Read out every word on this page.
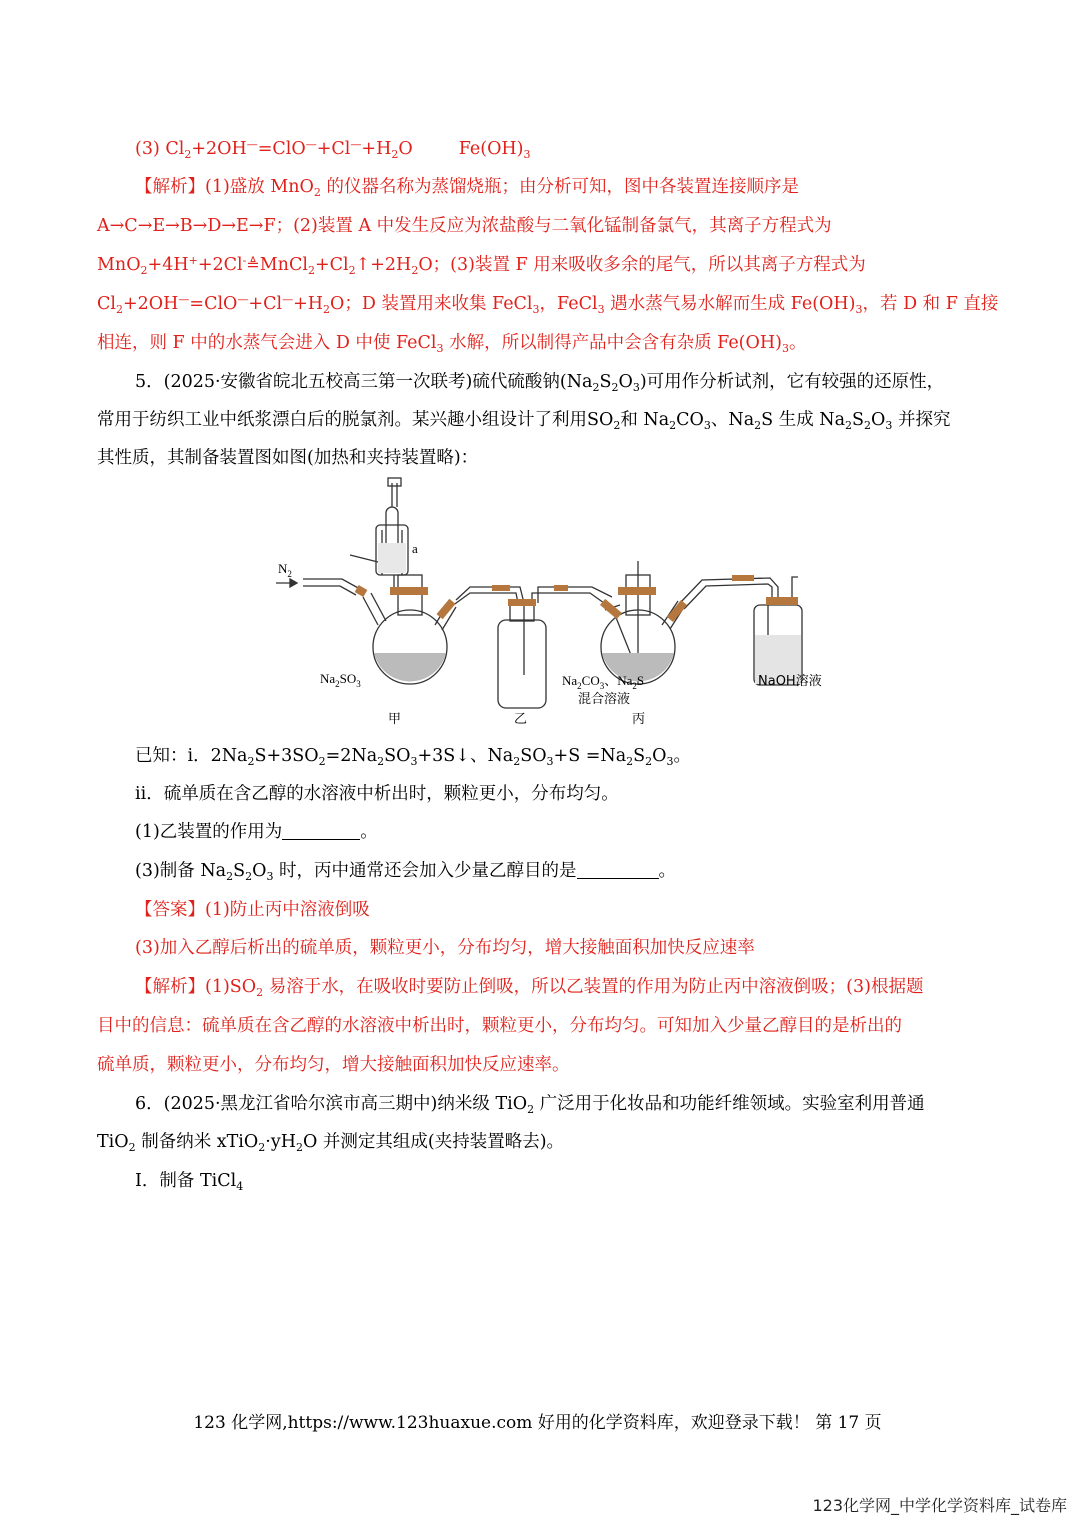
(3) $Cl_2+2OH^—=ClO^—+Cl^—+H_2O$	$Fe(OH)_3$
【解析】(1)盛放 MnO$_2$ 的仪器名称为蒸馏烧瓶；由分析可知，图中各装置连接顺序是
A→C→E→B→D→E→F；(2)装置 A 中发生反应为浓盐酸与二氧化锰制备氯气，其离子方程式为
$MnO_2+4H^++2Cl^-≜MnCl_2+Cl_2↑+2H_2O$；(3)装置 F 用来吸收多余的尾气，所以其离子方程式为
$Cl_2+2OH^—=ClO^—+Cl^—+H_2O$；D 装置用来收集 FeCl$_3$，FeCl$_3$ 遇水蒸气易水解而生成 $Fe(OH)_3$，若 D 和 F 直接
相连，则 F 中的水蒸气会进入 D 中使 FeCl$_3$ 水解，所以制得产品中会含有杂质 $Fe(OH)_3$。
5．(2025·安徽省皖北五校高三第一次联考)硫代硫酸钠$(Na_2S_2O_3)$可用作分析试剂，它有较强的还原性，
常用于纺织工业中纸浆漂白后的脱氯剂。某兴趣小组设计了利用$SO_2$和 $Na_2CO_3$、$Na_2S$ 生成 $Na_2S_2O_3$ 并探究
其性质，其制备装置图如图(加热和夹持装置略)：
$N_2$
a
$Na_2SO_3$	$Na_2CO_3$、$Na_2S$
混合溶液
NaOH溶液
甲	乙	丙
已知：i．$2Na_2S+3SO_2=2Na_2SO_3+3S↓$、$Na_2SO_3+S =Na_2S_2O_3$。
ii．硫单质在含乙醇的水溶液中析出时，颗粒更小，分布均匀。
(1)乙装置的作用为	。
(3)制备 $Na_2S_2O_3$ 时，丙中通常还会加入少量乙醇目的是	。
【答案】(1)防止丙中溶液倒吸
(3)加入乙醇后析出的硫单质，颗粒更小，分布均匀，增大接触面积加快反应速率
【解析】$(1)SO_2$ 易溶于水，在吸收时要防止倒吸，所以乙装置的作用为防止丙中溶液倒吸；(3)根据题
目中的信息：硫单质在含乙醇的水溶液中析出时，颗粒更小，分布均匀。可知加入少量乙醇目的是析出的
硫单质，颗粒更小，分布均匀，增大接触面积加快反应速率。
6．(2025·黑龙江省哈尔滨市高三期中)纳米级 TiO$_2$ 广泛用于化妆品和功能纤维领域。实验室利用普通
TiO$_2$ 制备纳米 $xTiO_2\cdot yH_2O$ 并测定其组成(夹持装置略去)。
I．制备 TiCl$_4$
123 化学网,https://www.123huaxue.com 好用的化学资料库，欢迎登录下载！ 第 17 页
123化学网_中学化学资料库_试卷库
